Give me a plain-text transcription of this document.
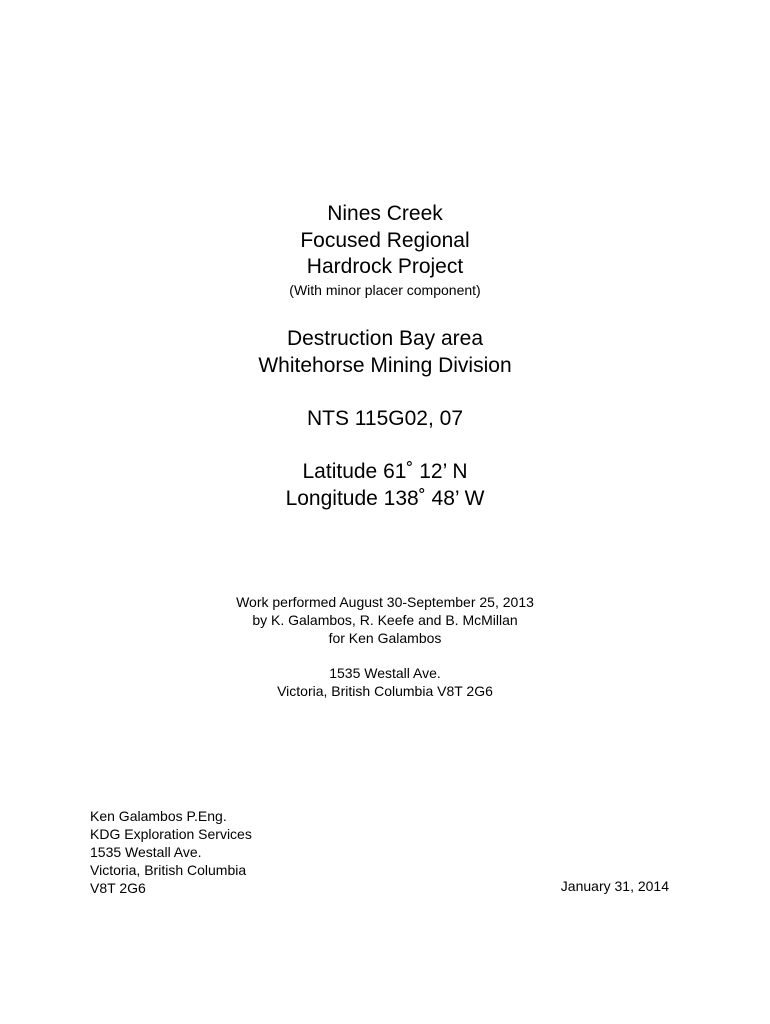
Nines Creek
Focused Regional
Hardrock Project
(With minor placer component)
Destruction Bay area
Whitehorse Mining Division
NTS 115G02, 07
Latitude 61˚ 12’ N
Longitude 138˚ 48’ W
Work performed August 30-September 25, 2013
by K. Galambos, R. Keefe and B. McMillan
for Ken Galambos
1535 Westall Ave.
Victoria, British Columbia V8T 2G6
Ken Galambos P.Eng.
KDG Exploration Services
1535 Westall Ave.
Victoria, British Columbia
V8T 2G6	January 31, 2014
